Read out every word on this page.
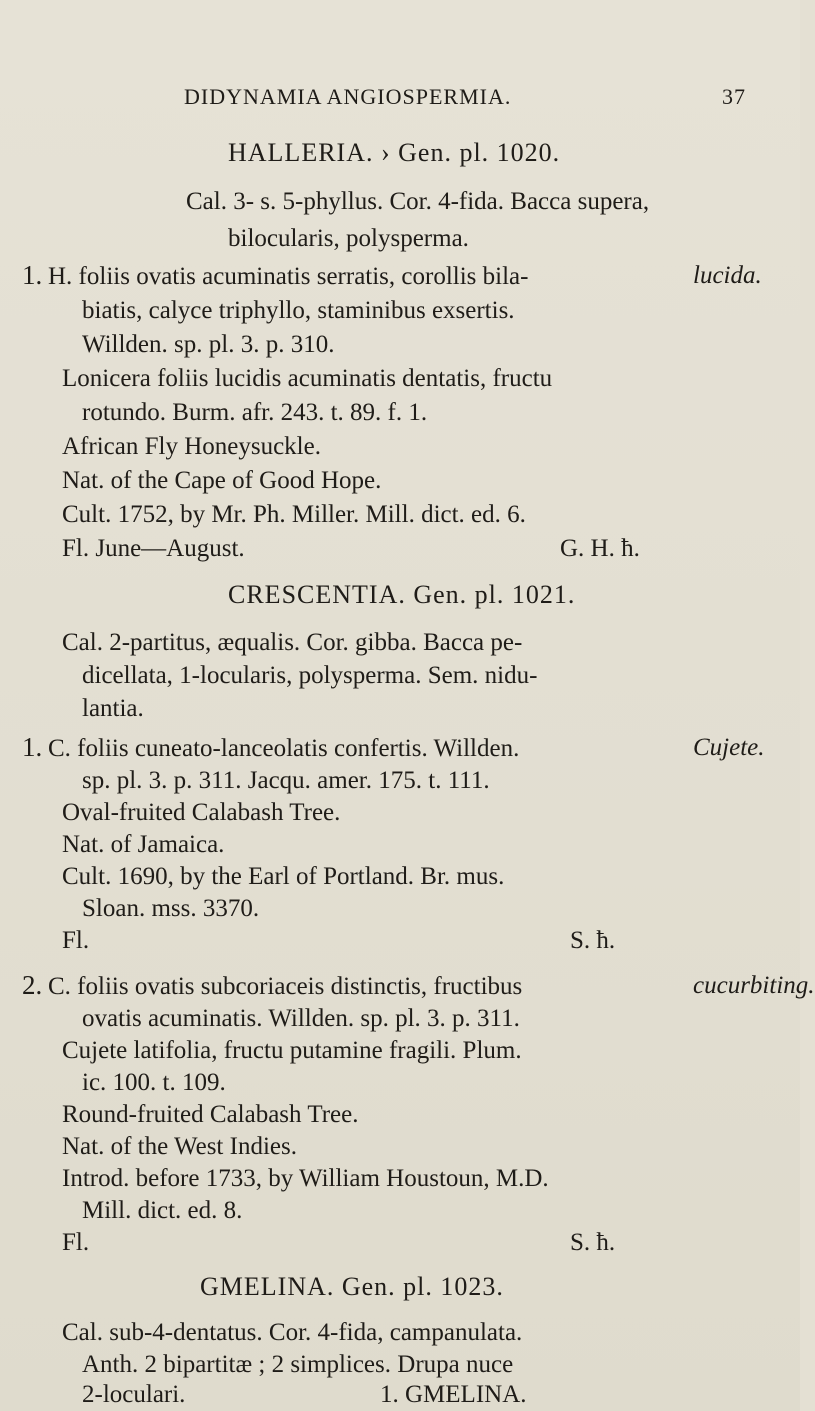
DIDYNAMIA ANGIOSPERMIA.	37
HALLERIA. › Gen. pl. 1020.
Cal. 3- s. 5-phyllus. Cor. 4-fida. Bacca supera,
bilocularis, polysperma.
1.	lucida.
H. foliis ovatis acuminatis serratis, corollis bila-
biatis, calyce triphyllo, staminibus exsertis.
Willden. sp. pl. 3. p. 310.
Lonicera foliis lucidis acuminatis dentatis, fructu
rotundo. Burm. afr. 243. t. 89. f. 1.
African Fly Honeysuckle.
Nat. of the Cape of Good Hope.
Cult. 1752, by Mr. Ph. Miller. Mill. dict. ed. 6.
Fl. June—August.	G. H. ħ.
CRESCENTIA. Gen. pl. 1021.
Cal. 2-partitus, æqualis. Cor. gibba. Bacca pe-
dicellata, 1-locularis, polysperma. Sem. nidu-
lantia.
1.	Cujete.
C. foliis cuneato-lanceolatis confertis. Willden.
sp. pl. 3. p. 311. Jacqu. amer. 175. t. 111.
Oval-fruited Calabash Tree.
Nat. of Jamaica.
Cult. 1690, by the Earl of Portland. Br. mus.
Sloan. mss. 3370.
Fl.	S. ħ.
2.	cucurbiting.
C. foliis ovatis subcoriaceis distinctis, fructibus
ovatis acuminatis. Willden. sp. pl. 3. p. 311.
Cujete latifolia, fructu putamine fragili. Plum.
ic. 100. t. 109.
Round-fruited Calabash Tree.
Nat. of the West Indies.
Introd. before 1733, by William Houstoun, M.D.
Mill. dict. ed. 8.
Fl.	S. ħ.
GMELINA. Gen. pl. 1023.
Cal. sub-4-dentatus. Cor. 4-fida, campanulata.
Anth. 2 bipartitæ ; 2 simplices. Drupa nuce
2-loculari.	1. GMELINA.
